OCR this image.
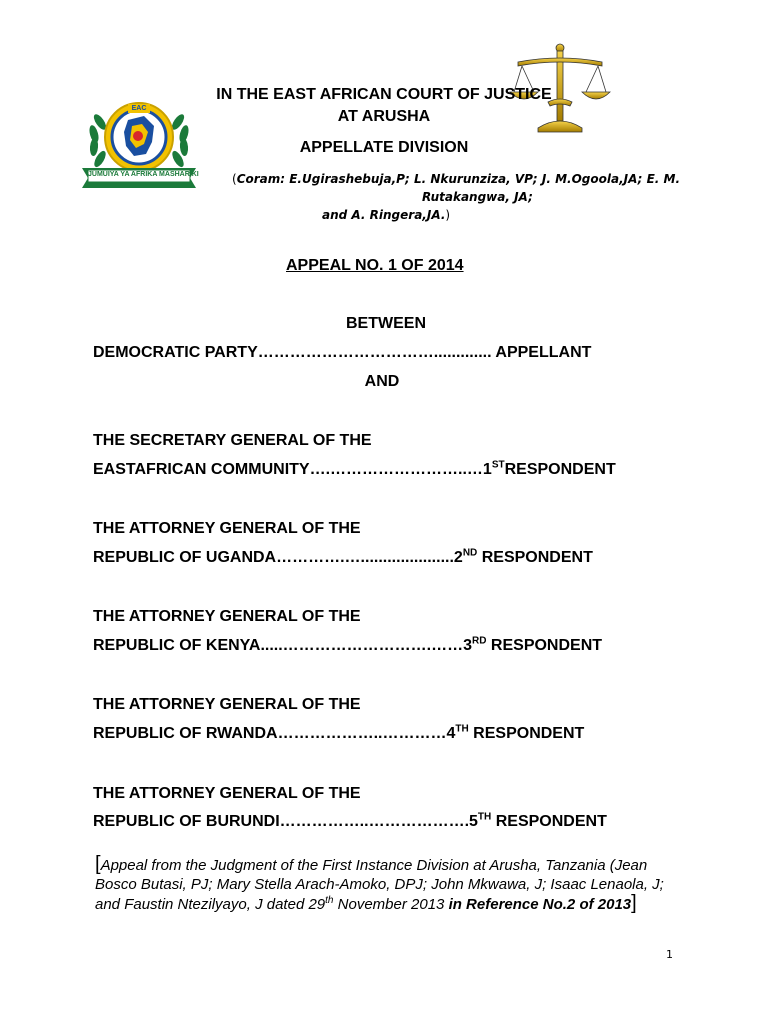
EAC
JUMUIYA YA AFRIKA MASHARIKI
IN THE EAST AFRICAN COURT OF JUSTICE
AT ARUSHA
APPELLATE DIVISION
(Coram: E.Ugirashebuja,P; L. Nkurunziza, VP; J. M.Ogoola,JA; E. M.
Rutakangwa, JA;
and A. Ringera,JA.)
APPEAL NO. 1 OF 2014
BETWEEN
DEMOCRATIC PARTY……………………………............. APPELLANT
AND
THE SECRETARY GENERAL OF THE
EASTAFRICAN COMMUNITY….……………………..…1STRESPONDENT
THE ATTORNEY GENERAL OF THE
REPUBLIC OF UGANDA………….….....................2ND RESPONDENT
THE ATTORNEY GENERAL OF THE
REPUBLIC OF KENYA.....……………………….……3RD RESPONDENT
THE ATTORNEY GENERAL OF THE
REPUBLIC OF RWANDA………………..…………4TH RESPONDENT
THE ATTORNEY GENERAL OF THE
REPUBLIC OF BURUNDI……………..……………….5TH RESPONDENT
[Appeal from the Judgment of the First Instance Division at Arusha, Tanzania (Jean Bosco Butasi, PJ; Mary Stella Arach-Amoko, DPJ; John Mkwawa, J; Isaac Lenaola, J; and Faustin Ntezilyayo, J dated 29th November 2013 in Reference No.2 of 2013]
1
